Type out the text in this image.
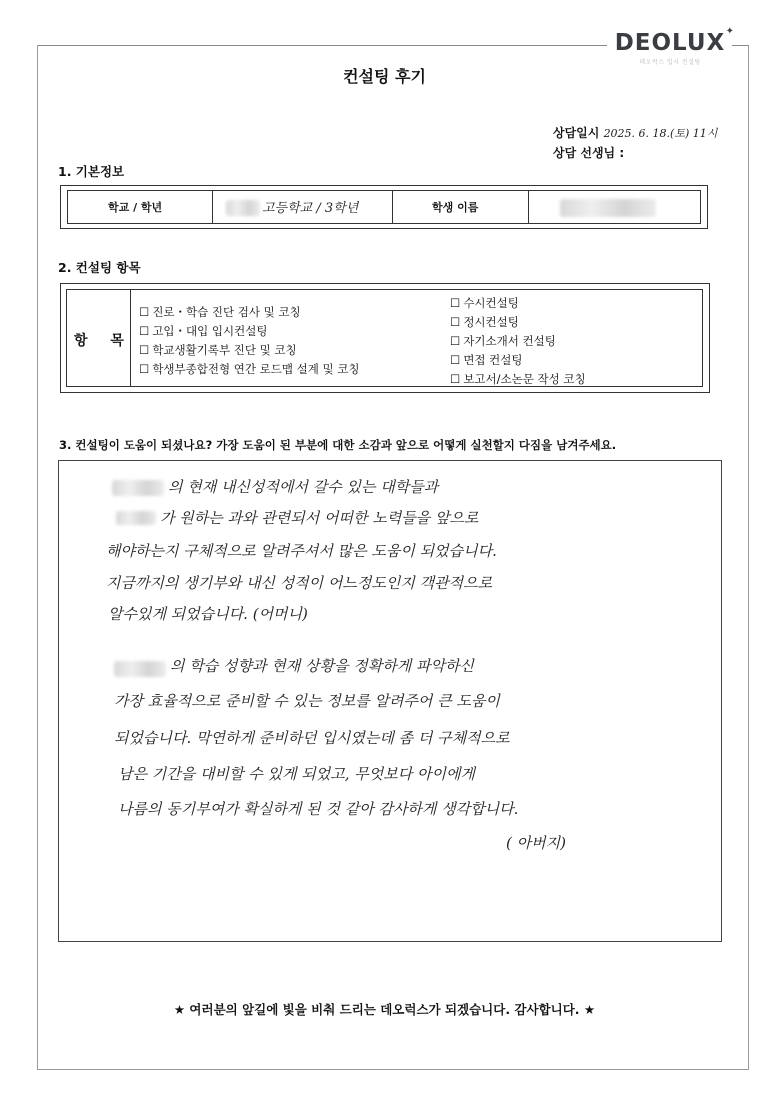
DEOLUX ✦
데오럭스 입시 컨설팅
컨설팅 후기
상담일시 2025. 6. 18.(토) 11시
상담 선생님 :
1. 기본정보
학교 / 학년	고등학교 / 3학년	학생 이름
2. 컨설팅 항목
항 목
☐ 진로・학습 진단 검사 및 코칭
☐ 고입・대입 입시컨설팅
☐ 학교생활기록부 진단 및 코칭
☐ 학생부종합전형 연간 로드맵 설계 및 코칭
☐ 수시컨설팅
☐ 정시컨설팅
☐ 자기소개서 컨설팅
☐ 면접 컨설팅
☐ 보고서/소논문 작성 코칭
3. 컨설팅이 도움이 되셨나요? 가장 도움이 된 부분에 대한 소감과 앞으로 어떻게 실천할지 다짐을 남겨주세요.
의 현재 내신성적에서 갈수 있는 대학들과
가 원하는 과와 관련되서 어떠한 노력들을 앞으로
해야하는지 구체적으로 알려주셔서 많은 도움이 되었습니다.
지금까지의 생기부와 내신 성적이 어느정도인지 객관적으로
알수있게 되었습니다. (어머니)
의 학습 성향과 현재 상황을 정확하게 파악하신
가장 효율적으로 준비할 수 있는 정보를 알려주어 큰 도움이
되었습니다. 막연하게 준비하던 입시였는데 좀 더 구체적으로
남은 기간을 대비할 수 있게 되었고, 무엇보다 아이에게
나름의 동기부여가 확실하게 된 것 같아 감사하게 생각합니다.
( 아버지)
★ 여러분의 앞길에 빛을 비춰 드리는 데오럭스가 되겠습니다. 감사합니다. ★
